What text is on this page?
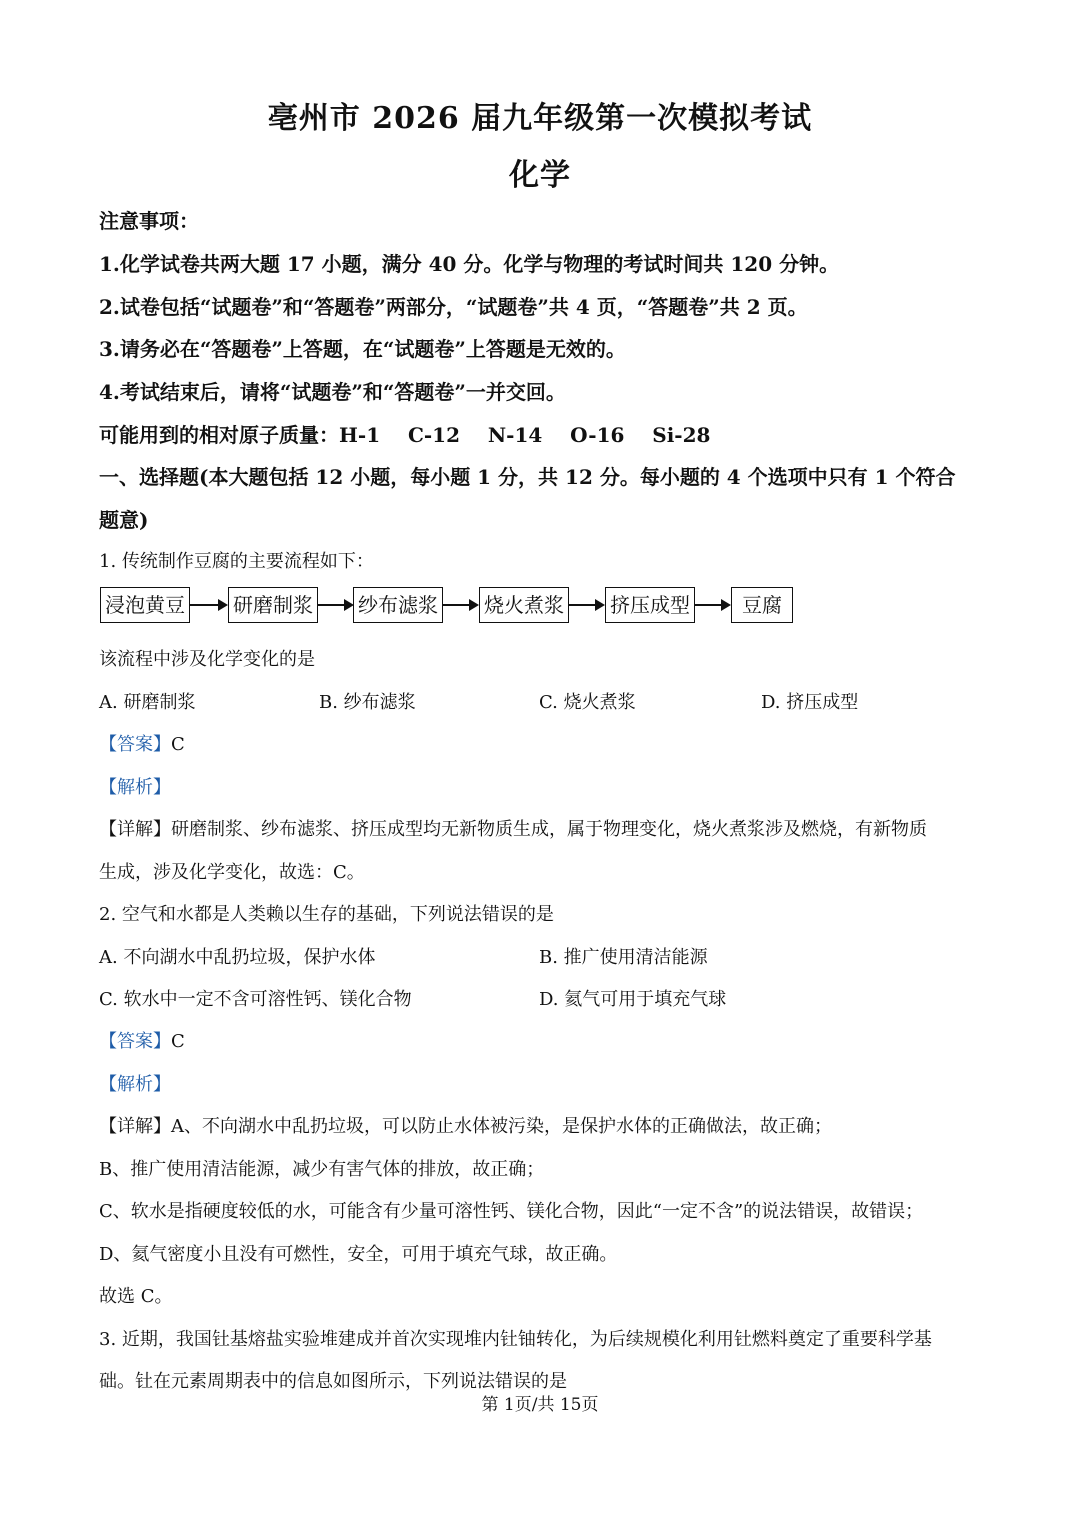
亳州市 2026 届九年级第一次模拟考试
化学
注意事项：
1.化学试卷共两大题 17 小题，满分 40 分。化学与物理的考试时间共 120 分钟。
2.试卷包括“试题卷”和“答题卷”两部分，“试题卷”共 4 页，“答题卷”共 2 页。
3.请务必在“答题卷”上答题，在“试题卷”上答题是无效的。
4.考试结束后，请将“试题卷”和“答题卷”一并交回。
可能用到的相对原子质量：H-1    C-12    N-14    O-16    Si-28
一、选择题(本大题包括 12 小题，每小题 1 分，共 12 分。每小题的 4 个选项中只有 1 个符合
题意)
1. 传统制作豆腐的主要流程如下：
浸泡黄豆 研磨制浆 纱布滤浆 烧火煮浆 挤压成型	豆腐
该流程中涉及化学变化的是
A. 研磨制浆	B. 纱布滤浆	C. 烧火煮浆	D. 挤压成型
【答案】C
【解析】
【详解】研磨制浆、纱布滤浆、挤压成型均无新物质生成，属于物理变化，烧火煮浆涉及燃烧，有新物质
生成，涉及化学变化，故选：C。
2. 空气和水都是人类赖以生存的基础，下列说法错误的是
A. 不向湖水中乱扔垃圾，保护水体	B. 推广使用清洁能源
C. 软水中一定不含可溶性钙、镁化合物	D. 氦气可用于填充气球
【答案】C
【解析】
【详解】A、不向湖水中乱扔垃圾，可以防止水体被污染，是保护水体的正确做法，故正确；
B、推广使用清洁能源，减少有害气体的排放，故正确；
C、软水是指硬度较低的水，可能含有少量可溶性钙、镁化合物，因此“一定不含”的说法错误，故错误；
D、氦气密度小且没有可燃性，安全，可用于填充气球，故正确。
故选 C。
3. 近期，我国钍基熔盐实验堆建成并首次实现堆内钍铀转化，为后续规模化利用钍燃料奠定了重要科学基
础。钍在元素周期表中的信息如图所示，下列说法错误的是
第 1页/共 15页
